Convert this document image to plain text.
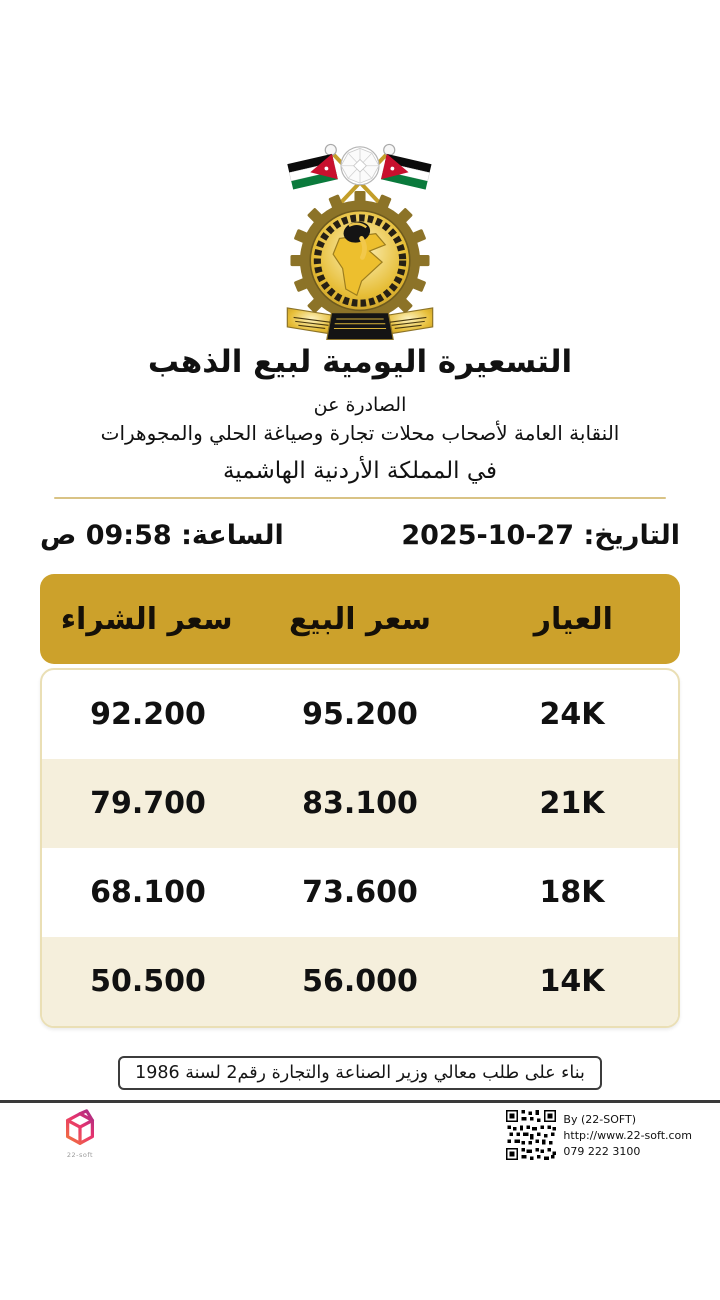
التسعيرة اليومية لبيع الذهب
الصادرة عن
النقابة العامة لأصحاب محلات تجارة وصياغة الحلي والمجوهرات
في المملكة الأردنية الهاشمية
التاريخ: 27-10-2025
الساعة: 09:58 ص
العيار
سعر البيع
سعر الشراء
24K
95.200
92.200
21K
83.100
79.700
18K
73.600
68.100
14K
56.000
50.500
بناء على طلب معالي وزير الصناعة والتجارة رقم2 لسنة 1986
22-soft
By (22-SOFT)
http://www.22-soft.com
079 222 3100
